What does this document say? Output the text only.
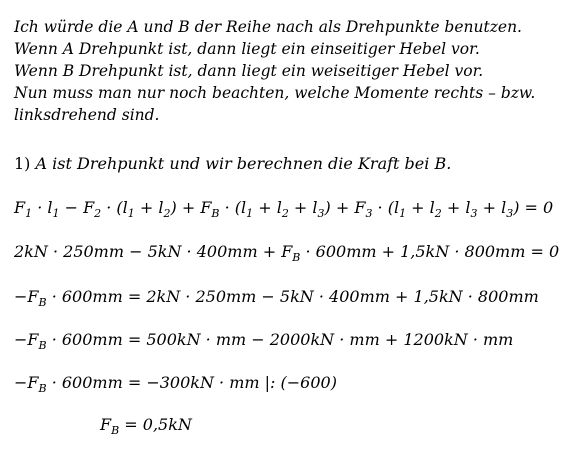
Ich würde die A und B der Reihe nach als Drehpunkte benutzen.
Wenn A Drehpunkt ist, dann liegt ein einseitiger Hebel vor.
Wenn B Drehpunkt ist, dann liegt ein weiseitiger Hebel vor.
Nun muss man nur noch beachten, welche Momente rechts – bzw.
linksdrehend sind.
1) A ist Drehpunkt und wir berechnen die Kraft bei B.
$F_1 \cdot l_1 - F_2 \cdot (l_1 + l_2) + F_B \cdot (l_1 + l_2 + l_3) + F_3 \cdot (l_1 + l_2 + l_3 + l_3) = 0$
$2kN \cdot 250mm - 5kN \cdot 400mm + F_B \cdot 600mm + 1,5kN \cdot 800mm = 0$
$-F_B \cdot 600mm = 2kN \cdot 250mm - 5kN \cdot 400mm + 1,5kN \cdot 800mm$
$-F_B \cdot 600mm = 500kN$ · mm − 2000kN · mm + 1200kN · mm
$-F_B \cdot 600mm = -300kN$ · mm |: (−600)
$F_B = 0,5kN$
